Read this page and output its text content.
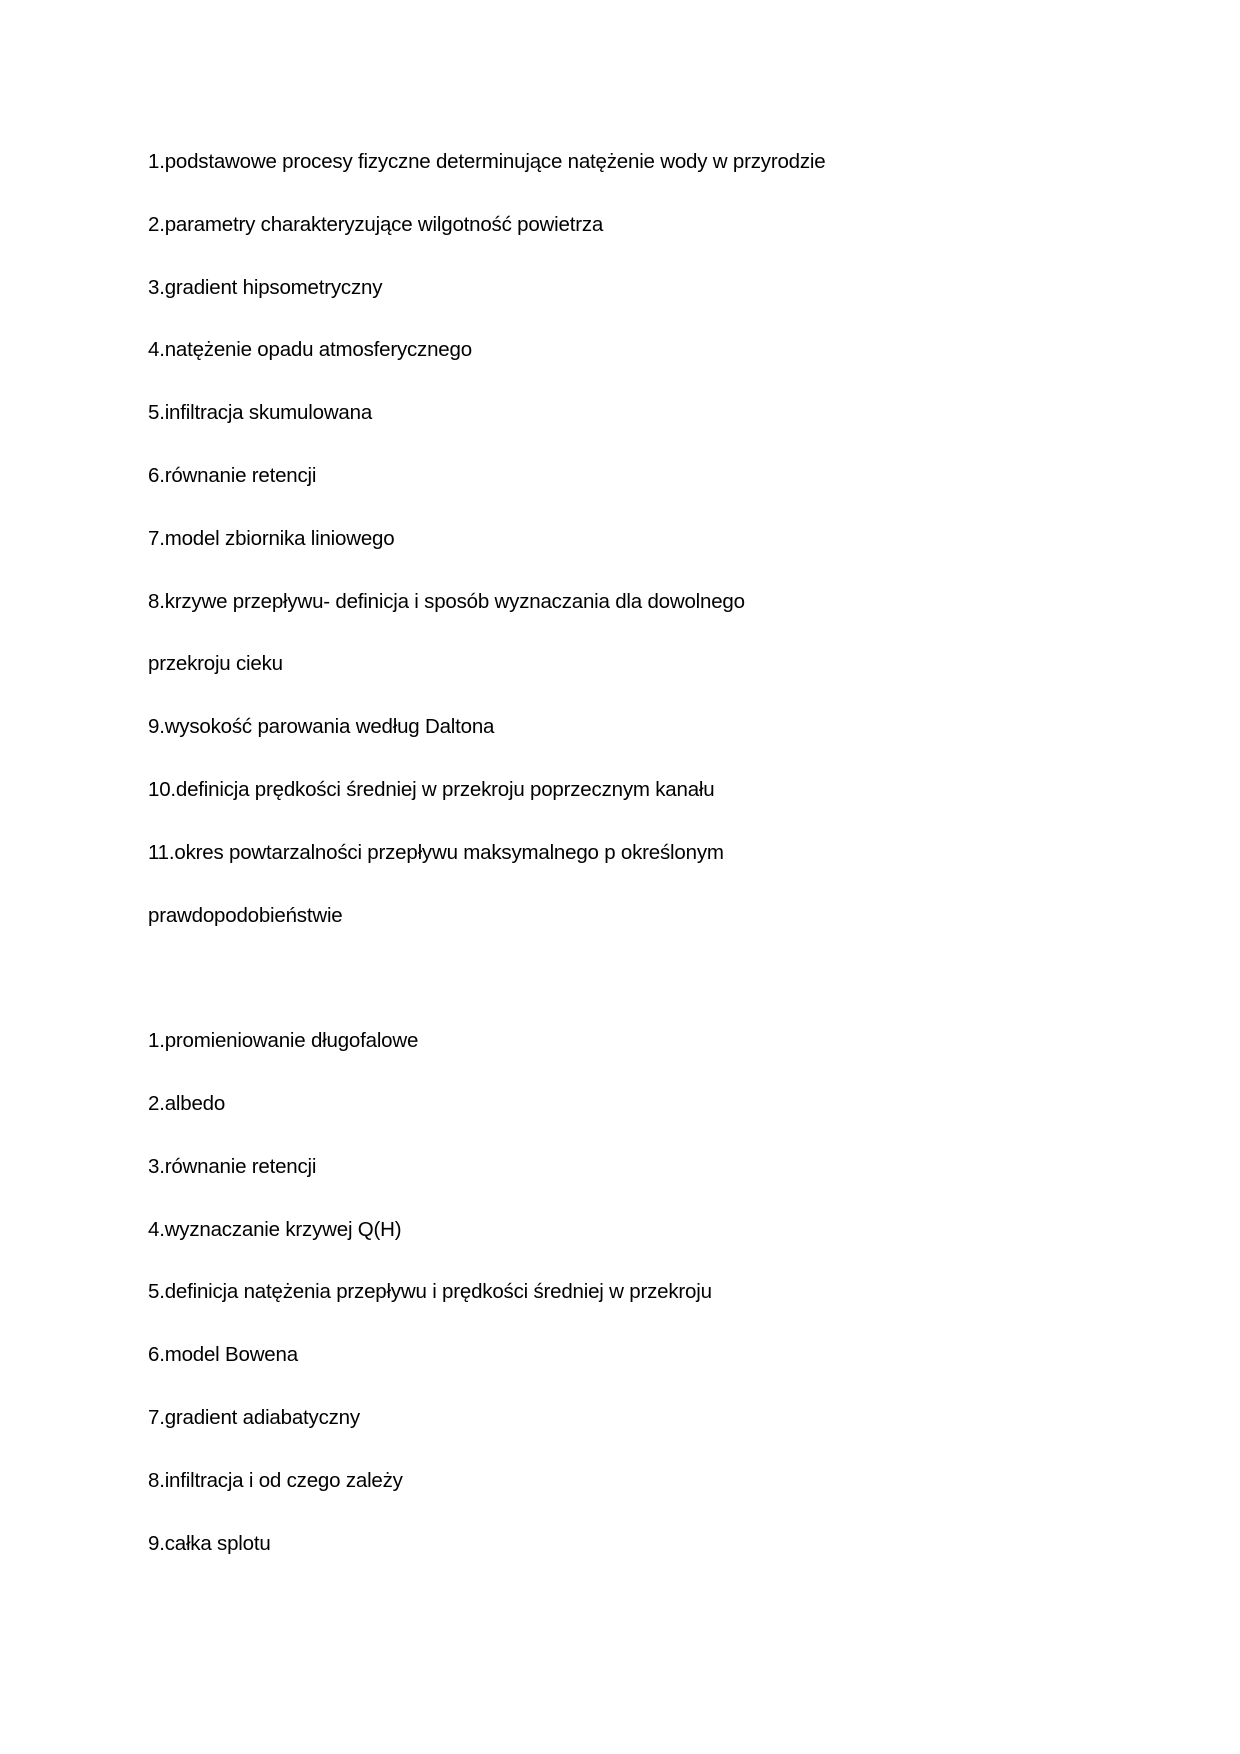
1.podstawowe procesy fizyczne determinujące natężenie wody w przyrodzie
2.parametry charakteryzujące wilgotność powietrza
3.gradient hipsometryczny
4.natężenie opadu atmosferycznego
5.infiltracja skumulowana
6.równanie retencji
7.model zbiornika liniowego
8.krzywe przepływu- definicja i sposób wyznaczania dla dowolnego
przekroju cieku
9.wysokość parowania według Daltona
10.definicja prędkości średniej w przekroju poprzecznym kanału
11.okres powtarzalności przepływu maksymalnego p określonym
prawdopodobieństwie
1.promieniowanie długofalowe
2.albedo
3.równanie retencji
4.wyznaczanie krzywej Q(H)
5.definicja natężenia przepływu i prędkości średniej w przekroju
6.model Bowena
7.gradient adiabatyczny
8.infiltracja i od czego zależy
9.całka splotu
